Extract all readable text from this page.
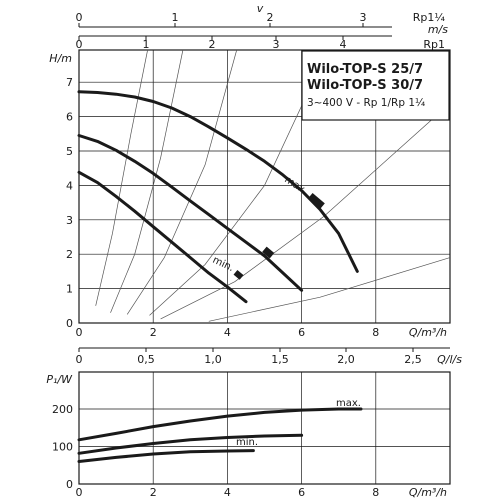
0	2	4	6	8
0
1
2
3
4
5
6
7
Wilo-TOP-S 25/7
Wilo-TOP-S 30/7
3~400 V - Rp 1/Rp 1¼
max.
min.
H/m
Q/m³/h
0	1	2	3
v
Rp1¼
m/s
0	1	2	3	4	Rp1
0	0,5	1,0	1,5	2,0	2,5 Q/l/s
0	2	4	6	8
0
100
200	max.
min.
P₁/W
Q/m³/h
